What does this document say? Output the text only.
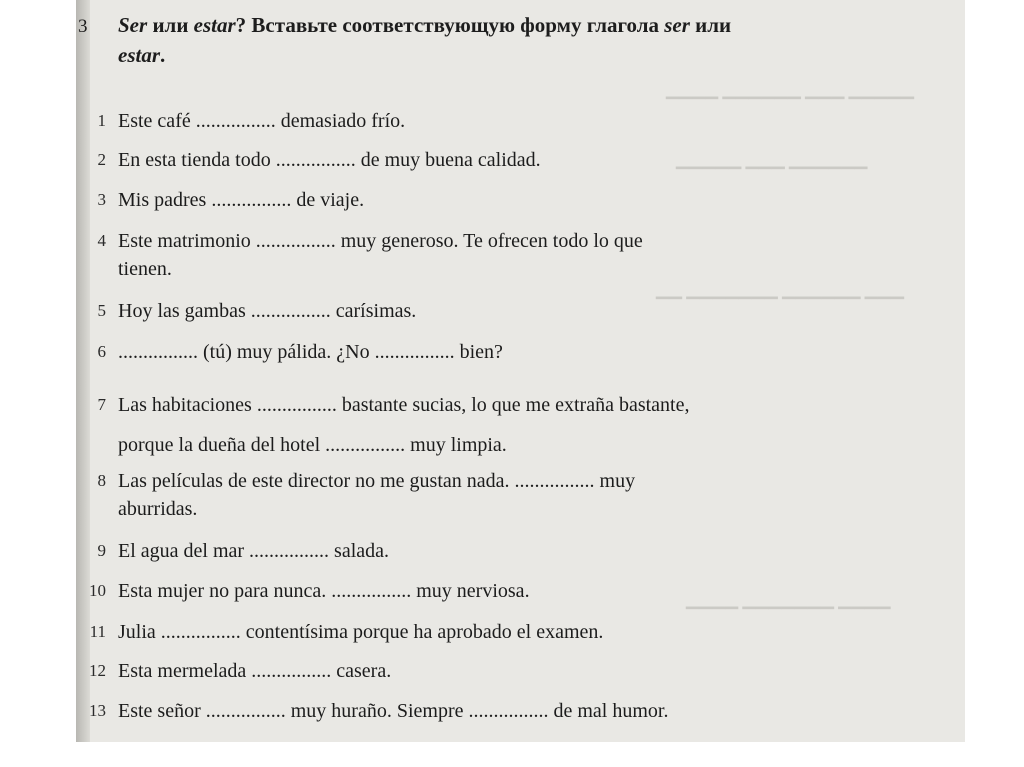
▁▁▁▁▁ ▁▁▁ ▁▁▁▁▁▁ ▁▁▁▁
▁▁▁▁▁▁ ▁▁▁ ▁▁▁▁▁
▁▁▁ ▁▁▁▁▁▁ ▁▁▁▁▁▁▁ ▁▁
▁▁▁▁ ▁▁▁▁▁▁▁ ▁▁▁▁
3 Ser или estar? Вставьте соответствующую форму глагола ser или
estar.
1 Este café ................ demasiado frío.
2 En esta tienda todo ................ de muy buena calidad.
3 Mis padres ................ de viaje.
4 Este matrimonio ................ muy generoso. Te ofrecen todo lo que
tienen.
5 Hoy las gambas ................ carísimas.
6 ................ (tú) muy pálida. ¿No ................ bien?
7 Las habitaciones ................ bastante sucias, lo que me extraña bastante,
porque la dueña del hotel ................ muy limpia.
8 Las películas de este director no me gustan nada. ................ muy
aburridas.
9 El agua del mar ................ salada.
10 Esta mujer no para nunca. ................ muy nerviosa.
11 Julia ................ contentísima porque ha aprobado el examen.
12 Esta mermelada ................ casera.
13 Este señor ................ muy huraño. Siempre ................ de mal humor.
